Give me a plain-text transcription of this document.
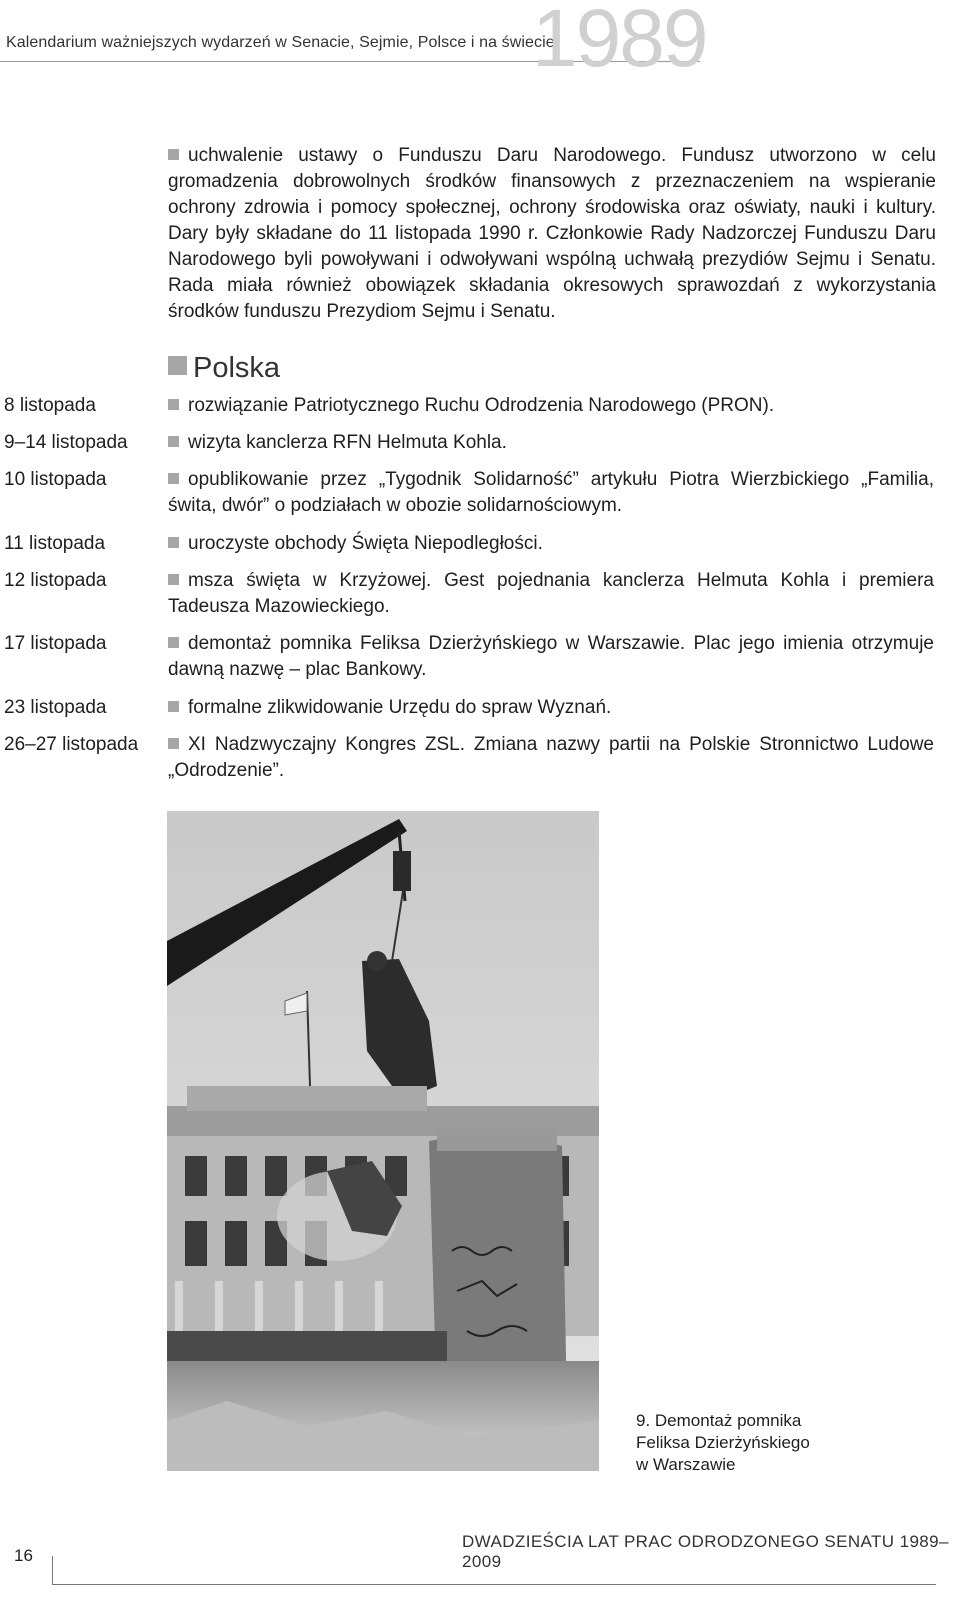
Kalendarium ważniejszych wydarzeń w Senacie, Sejmie, Polsce i na świecie
1989
uchwalenie ustawy o Funduszu Daru Narodowego. Fundusz utworzono w celu gromadzenia dobrowolnych środków finansowych z przeznaczeniem na wspieranie ochrony zdrowia i pomocy społecznej, ochrony środowiska oraz oświaty, nauki i kultury. Dary były składane do 11 listopada 1990 r. Członkowie Rady Nadzorczej Funduszu Daru Narodowego byli powoływani i odwoływani wspólną uchwałą prezydiów Sejmu i Senatu. Rada miała również obowiązek składania okresowych sprawozdań z wykorzystania środków funduszu Prezydiom Sejmu i Senatu.
Polska
8 listopada	rozwiązanie Patriotycznego Ruchu Odrodzenia Narodowego (PRON).
9–14 listopada	wizyta kanclerza RFN Helmuta Kohla.
10 listopada	opublikowanie przez „Tygodnik Solidarność” artykułu Piotra Wierzbickiego „Familia, świta, dwór” o podziałach w obozie solidarnościowym.
11 listopada	uroczyste obchody Święta Niepodległości.
12 listopada	msza święta w Krzyżowej. Gest pojednania kanclerza Helmuta Kohla i premiera Tadeusza Mazowieckiego.
17 listopada	demontaż pomnika Feliksa Dzierżyńskiego w Warszawie. Plac jego imienia otrzymuje dawną nazwę – plac Bankowy.
23 listopada	formalne zlikwidowanie Urzędu do spraw Wyznań.
26–27 listopada	XI Nadzwyczajny Kongres ZSL. Zmiana nazwy partii na Polskie Stronnictwo Ludowe „Odrodzenie”.
9. Demontaż pomnika
Feliksa Dzierżyńskiego
w Warszawie
16
DWADZIEŚCIA LAT PRAC ODRODZONEGO SENATU 1989–2009
